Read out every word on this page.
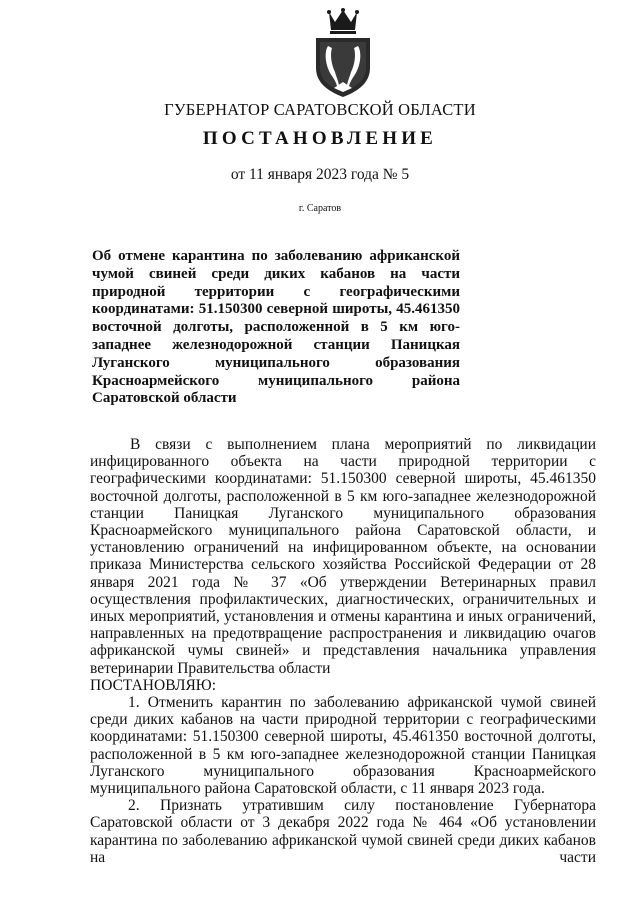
ГУБЕРНАТОР САРАТОВСКОЙ ОБЛАСТИ

ПОСТАНОВЛЕНИЕ

от 11 января 2023 года № 5

г. Саратов

Об отмене карантина по заболеванию африканской чумой свиней среди диких кабанов на части природной территории с географическими координатами: 51.150300 северной широты, 45.461350 восточной долготы, расположенной в 5 км юго-западнее железнодорожной станции Паницкая Луганского муниципального образования Красноармейского муниципального района Саратовской области

В связи с выполнением плана мероприятий по ликвидации инфицированного объекта на части природной территории с географическими координатами: 51.150300 северной широты, 45.461350 восточной долготы, расположенной в 5 км юго-западнее железнодорожной станции Паницкая Луганского муниципального образования Красноармейского муниципального района Саратовской области, и установлению ограничений на инфицированном объекте, на основании приказа Министерства сельского хозяйства Российской Федерации от 28 января 2021 года № 37 «Об утверждении Ветеринарных правил осуществления профилактических, диагностических, ограничительных и иных мероприятий, установления и отмены карантина и иных ограничений, направленных на предотвращение распространения и ликвидацию очагов африканской чумы свиней» и представления начальника управления ветеринарии Правительства области

ПОСТАНОВЛЯЮ:

1. Отменить карантин по заболеванию африканской чумой свиней среди диких кабанов на части природной территории с географическими координатами: 51.150300 северной широты, 45.461350 восточной долготы, расположенной в 5 км юго-западнее железнодорожной станции Паницкая Луганского муниципального образования Красноармейского муниципального района Саратовской области, с 11 января 2023 года.

2. Признать утратившим силу постановление Губернатора Саратовской области от 3 декабря 2022 года № 464 «Об установлении карантина по заболеванию африканской чумой свиней среди диких кабанов на части
